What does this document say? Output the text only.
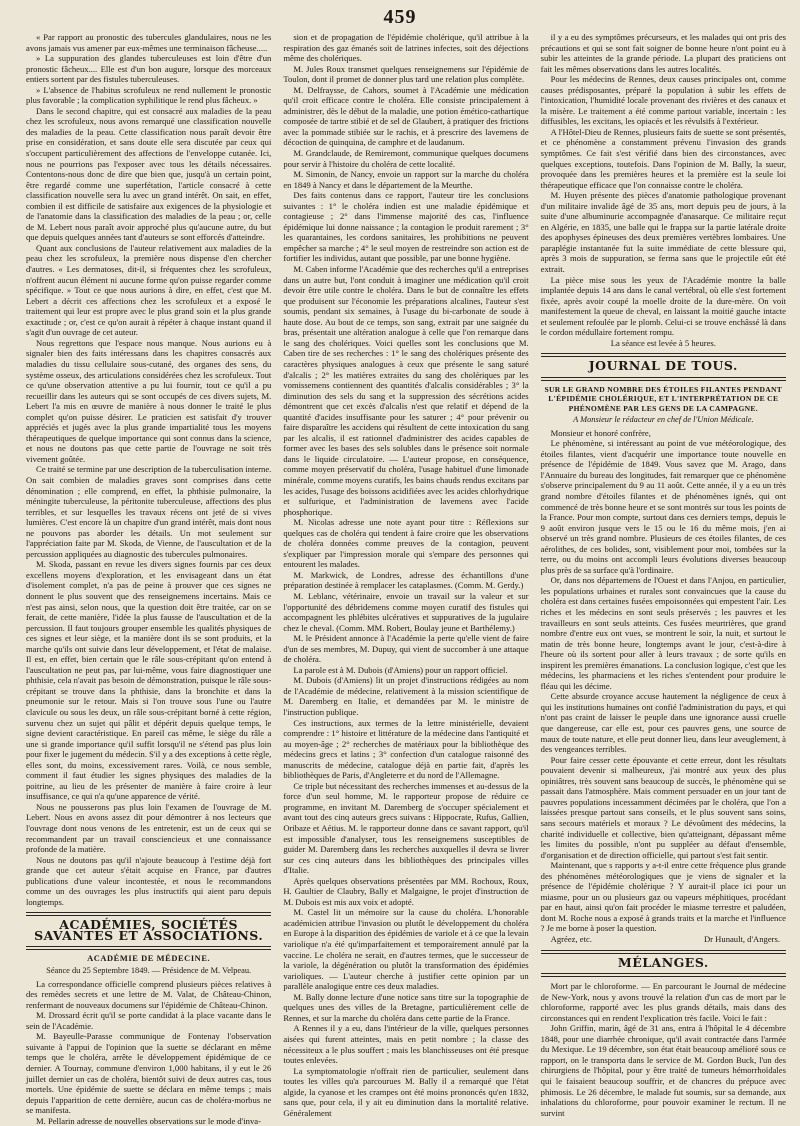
459

« Par rapport au pronostic des tubercules glandulaires, nous ne les avons jamais vus amener par eux-mêmes une terminaison fâcheuse.....

» La suppuration des glandes tuberculeuses est loin d'être d'un pronostic fâcheux.... Elle est d'un bon augure, lorsque des morceaux entiers sortent par des fistules tuberculeuses.

» L'absence de l'habitus scrofuleux ne rend nullement le pronostic plus favorable ; la complication syphilitique le rend plus fâcheux. »

Dans le second chapitre, qui est consacré aux maladies de la peau chez les scrofuleux, nous avons remarqué une classification nouvelle des maladies de la peau. Cette classification nous paraît devoir être prise en considération, et sans doute elle sera discutée par ceux qui s'occupent particulièrement des affections de l'enveloppe cutanée. Ici, nous ne pourrions pas l'exposer avec tous les détails nécessaires. Contentons-nous donc de dire que bien que, jusqu'à un certain point, être regardé comme une superfétation, l'article consacré à cette classification nouvelle sera lu avec un grand intérêt. On sait, en effet, combien il est difficile de satisfaire aux exigences de la physiologie et de l'anatomie dans la classification des maladies de la peau ; or, celle de M. Lebert nous paraît avoir approché plus qu'aucune autre, du but que depuis quelques années tant d'auteurs se sont efforcés d'atteindre.

Quant aux conclusions de l'auteur relativement aux maladies de la peau chez les scrofuleux, la première nous dispense d'en chercher d'autres. « Les dermatoses, dit-il, si fréquentes chez les scrofuleux, n'offrent aucun élément ni aucune forme qu'on puisse regarder comme spécifique. » Tout ce que nous aurions à dire, en effet, c'est que M. Lebert a décrit ces affections chez les scrofuleux et a exposé le traitement qui leur est propre avec le plus grand soin et la plus grande exactitude ; or, c'est ce qu'on aurait à répéter à chaque instant quand il s'agit d'un ouvrage de cet auteur.

Nous regrettons que l'espace nous manque. Nous aurions eu à signaler bien des faits intéressans dans les chapitres consacrés aux maladies du tissu cellulaire sous-cutané, des organes des sens, du système osseux, des articulations considérées chez les scrofuleux. Tout ce qu'une observation attentive a pu lui fournir, tout ce qu'il a pu recueillir dans les auteurs qui se sont occupés de ces divers sujets, M. Lebert l'a mis en œuvre de manière à nous donner le traité le plus complet qu'on puisse désirer. Le praticien est satisfait d'y trouver appréciés et jugés avec la plus grande impartialité tous les moyens thérapeutiques de quelque importance qui sont connus dans la science, et nous ne doutons pas que cette partie de l'ouvrage ne soit très vivement goûtée.

Ce traité se termine par une description de la tuberculisation interne. On sait combien de maladies graves sont comprises dans cette dénomination ; elle comprend, en effet, la phthisie pulmonaire, la méningite tuberculeuse, la péritonite tuberculeuse, affections des plus terribles, et sur lesquelles les travaux récens ont jeté de si vives lumières. C'est encore là un chapitre d'un grand intérêt, mais dont nous ne pouvons pas aborder les détails. Un mot seulement sur l'appréciation faite par M. Skoda, de Vienne, de l'auscultation et de la percussion appliquées au diagnostic des tubercules pulmonaires.

M. Skoda, passant en revue les divers signes fournis par ces deux excellens moyens d'exploration, et les envisageant dans un état d'isolement complet, n'a pas de peine à prouver que ces signes ne donnent le plus souvent que des renseignemens incertains. Mais ce n'est pas ainsi, selon nous, que la question doit être traitée, car on se ferait, de cette manière, l'idée la plus fausse de l'auscultation et de la percussion. Il faut toujours grouper ensemble les qualités physiques de ces signes et leur siège, et la manière dont ils se sont produits, et la marche qu'ils ont suivie dans leur développement, et l'état de malaise. Il est, en effet, bien certain que le râle sous-crépitant qu'on entend à l'auscultation ne peut pas, par lui-même, vous faire diagnostiquer une phthisie, cela n'avait pas besoin de démonstration, puisque le râle sous-crépitant se trouve dans la phthisie, dans la bronchite et dans la pneumonie sur le retour. Mais si l'on trouve sous l'une ou l'autre clavicule ou sous les deux, un râle sous-crépitant borné à cette région, survenu chez un sujet qui pâlit et dépérit depuis quelque temps, le signe devient caractéristique. En pareil cas même, le siège du râle a une si grande importance qu'il suffit lorsqu'il ne s'étend pas plus loin pour fixer le jugement du médecin. S'il y a des exceptions à cette règle, elles sont, du moins, excessivement rares. Voilà, ce nous semble, comment il faut étudier les signes physiques des maladies de la poitrine, au lieu de les présenter de manière à faire croire à leur insuffisance, ce qui n'a qu'une apparence de vérité.

Nous ne pousserons pas plus loin l'examen de l'ouvrage de M. Lebert. Nous en avons assez dit pour démontrer à nos lecteurs que l'ouvrage dont nous venons de les entretenir, est un de ceux qui se recommandent par un travail consciencieux et une connaissance profonde de la matière.

Nous ne doutons pas qu'il n'ajoute beaucoup à l'estime déjà fort grande que cet auteur s'était acquise en France, par d'autres publications d'une valeur incontestée, et nous le recommandons comme un des ouvrages les plus instructifs qui aient paru depuis longtemps.

ACADÉMIES, SOCIÉTÉS SAVANTES ET ASSOCIATIONS.
ACADÉMIE DE MÉDECINE.
Séance du 25 Septembre 1849. — Présidence de M. Velpeau.

La correspondance officielle comprend plusieurs pièces relatives à des remèdes secrets et une lettre de M. Valat, de Château-Chinon, renfermant de nouveaux documens sur l'épidémie de Château-Chinon.

M. Drossard écrit qu'il se porte candidat à la place vacante dans le sein de l'Académie.

M. Bayeulle-Parasse communique de Fontenay l'observation suivante à l'appui de l'opinion que la suette se déclarant en même temps que le choléra, arrête le développement épidémique de ce dernier. A Tournay, commune d'environ 1,000 habitans, il y eut le 26 juillet dernier un cas de choléra, bientôt suivi de deux autres cas, tous mortels. Une épidémie de suette se déclara en même temps ; mais depuis l'apparition de cette dernière, aucun cas de choléra-morbus ne se manifesta.

M. Pellarin adresse de nouvelles observations sur le mode d'inva-

sion et de propagation de l'épidémie cholérique, qu'il attribue à la respiration des gaz émanés soit de latrines infectes, soit des déjections même des cholériques.

M. Jules Roux transmet quelques renseignemens sur l'épidémie de Toulon, dont il promet de donner plus tard une relation plus complète.

M. Delfraysse, de Cahors, soumet à l'Académie une médication qu'il croit efficace contre le choléra. Elle consiste principalement à administrer, dès le début de la maladie, une potion émético-cathartique composée de tartre stibié et de sel de Glaubert, à pratiquer des frictions avec la pommade stibiée sur le rachis, et à prescrire des lavemens de décoction de quinquina, de camphre et de laudanum.

M. Grandclaude, de Remiremont, communique quelques documens pour servir à l'histoire du choléra de cette localité.

M. Simonin, de Nancy, envoie un rapport sur la marche du choléra en 1849 à Nancy et dans le département de la Meurthe.

Des faits contenus dans ce rapport, l'auteur tire les conclusions suivantes : 1° le choléra indien est une maladie épidémique et contagieuse ; 2° dans l'immense majorité des cas, l'influence épidémique lui donne naissance ; la contagion le produit rarement ; 3° les quarantaines, les cordons sanitaires, les prohibitions ne peuvent empêcher sa marche ; 4° le seul moyen de restreindre son action est de fortifier les individus, autant que possible, par une bonne hygiène.

M. Caben informe l'Académie que des recherches qu'il a entreprises dans un autre but, l'ont conduit à imaginer une médication qu'il croit devoir être utile contre le choléra. Dans le but de connaître les effets que produisent sur l'économie les préparations alcalines, l'auteur s'est soumis, pendant six semaines, à l'usage du bi-carbonate de soude à haute dose. Au bout de ce temps, son sang, extrait par une saignée du bras, présentait une altération analogue à celle que l'on remarque dans le sang des cholériques. Voici quelles sont les conclusions que M. Caben tire de ses recherches : 1° le sang des cholériques présente des caractères physiques analogues à ceux que présente le sang saturé d'alcalis ; 2° les matières extraites du sang des cholériques par les vomissemens contiennent des quantités d'alcalis considérables ; 3° la diminution des sels du sang et la suppression des sécrétions acides démontrent que cet excès d'alcalis n'est que relatif et dépend de la quantité d'acides insuffisante pour les saturer ; 4° pour prévenir ou faire disparaître les accidens qui résultent de cette intoxication du sang par les alcalis, il est rationnel d'administrer des acides capables de former avec les bases des sels solubles dans le présence soit normale dans le liquide circulatoire. — L'auteur propose, en conséquence, comme moyen préservatif du choléra, l'usage habituel d'une limonade minérale, comme moyens curatifs, les bains chauds rendus excitans par les acides, l'usage des boissons acidifiées avec les acides chlorhydrique et sulfurique, et l'administration de lavemens avec l'acide phosphorique.

M. Nicolas adresse une note ayant pour titre : Réflexions sur quelques cas de choléra qui tendent à faire croire que les observations de choléra données comme preuves de la contagion, peuvent s'expliquer par l'impression morale qui s'empare des personnes qui entourent les malades.

M. Markwick, de Londres, adresse des échantillons d'une préparation destinée à remplacer les cataplasmes. (Comm. M. Gerdy.)

M. Leblanc, vétérinaire, envoie un travail sur la valeur et sur l'opportunité des débridemens comme moyen curatif des fistules qui accompagnent les phlébites ulcératives et suppuratives de la jugulaire chez le cheval. (Comm. MM. Robert, Boulay jeune et Barthélemy.)

M. le Président annonce à l'Académie la perte qu'elle vient de faire d'un de ses membres, M. Dupuy, qui vient de succomber à une attaque de choléra.

La parole est à M. Dubois (d'Amiens) pour un rapport officiel.

M. Dubois (d'Amiens) lit un projet d'instructions rédigées au nom de l'Académie de médecine, relativement à la mission scientifique de M. Daremberg en Italie, et demandées par M. le ministre de l'instruction publique.

Ces instructions, aux termes de la lettre ministérielle, devaient comprendre : 1° histoire et littérature de la médecine dans l'antiquité et au moyen-âge ; 2° recherches de matériaux pour la bibliothèque des médecins grecs et latins ; 3° confection d'un catalogue raisonné des manuscrits de médecine, catalogue déjà en partie fait, d'après les bibliothèques de Paris, d'Angleterre et du nord de l'Allemagne.

Ce triple but nécessitant des recherches immenses et au-dessus de la force d'un seul homme, M. le rapporteur propose de réduire ce programme, en invitant M. Daremberg de s'occuper spécialement et avant tout des cinq auteurs grecs suivans : Hippocrate, Rufus, Gallien, Oribaze et Aétius. M. le rapporteur donne dans ce savant rapport, qu'il est impossible d'analyser, tous les renseignemens susceptibles de guider M. Daremberg dans les recherches auxquelles il devra se livrer sur ces cinq auteurs dans les bibliothèques des principales villes d'Italie.

Après quelques observations présentées par MM. Rochoux, Roux, H. Gaultier de Claubry, Bally et Malgaigne, le projet d'instruction de M. Dubois est mis aux voix et adopté.

M. Castel lit un mémoire sur la cause du choléra. L'honorable académicien attribue l'invasion ou plutôt le développement du choléra en Europe à la disparition des épidémies de variole et à ce que la levain variolique n'a été qu'imparfaitement et temporairement annulé par la vaccine. Le choléra ne serait, en d'autres termes, que le successeur de la variole, la dégénération ou plutôt la transformation des épidémies varioliques. — L'auteur cherche à justifier cette opinion par un parallèle analogique entre ces deux maladies.

M. Bally donne lecture d'une notice sans titre sur la topographie de quelques unes des villes de la Bretagne, particulièrement celle de Rennes, et sur la marche du choléra dans cette partie de la France.

A Rennes il y a eu, dans l'intérieur de la ville, quelques personnes aisées qui furent atteintes, mais en petit nombre ; la classe des nécessiteux a le plus souffert ; mais les blanchisseuses ont été presque toutes enlevées.

La symptomatologie n'offrait rien de particulier, seulement dans toutes les villes qu'a parcourues M. Bally il a remarqué que l'état algide, la cyanose et les crampes ont été moins prononcés qu'en 1832, sans que, pour cela, il y ait eu diminution dans la mortalité relative. Généralement

il y a eu des symptômes précurseurs, et les malades qui ont pris des précautions et qui se sont fait soigner de bonne heure n'ont point eu à subir les atteintes de la grande période. La plupart des praticiens ont fait les mêmes observations dans les autres localités.

Pour les médecins de Rennes, deux causes principales ont, comme causes prédisposantes, préparé la population à subir les effets de l'intoxication, l'humidité locale provenant des rivières et des canaux et la misère. Le traitement a été comme partout variable, incertain : les diffusibles, les excitans, les opiacés et les révulsifs à l'extérieur.

A l'Hôtel-Dieu de Rennes, plusieurs faits de suette se sont présentés, et ce phénomène a constamment prévenu l'invasion des grands symptômes. Ce fait s'est vérifié dans bien des circonstances, avec quelques exceptions, toutefois. Dans l'opinion de M. Bally, la sueur, provoquée dans les premières heures et la première est la seule loi thérapeutique efficace que l'on connaisse contre le choléra.

M. Huyen présente des pièces d'anatomie pathologique provenant d'un militaire invalide âgé de 35 ans, mort depuis peu de jours, à la suite d'une albuminurie accompagnée d'anasarque. Ce militaire reçut en Algérie, en 1835, une balle qui le frappa sur la partie latérale droite des apophyses épineuses des deux premières vertèbres lombaires. Une paraplégie instantanée fut la suite immédiate de cette blessure qui, après 3 mois de suppuration, se ferma sans que le projectile eût été extrait.

La pièce mise sous les yeux de l'Académie montre la balle implantée depuis 14 ans dans le canal vertébral, où elle s'est fortement fixée, après avoir coupé la moelle droite de la dure-mère. On voit manifestement la queue de cheval, en laissant la moitié gauche intacte et seulement refoulée par le plomb. Celui-ci se trouve enchâssé là dans le cordon médullaire fortement rompu.

La séance est levée à 5 heures.
JOURNAL DE TOUS.
SUR LE GRAND NOMBRE DES ÉTOILES FILANTES PENDANT L'ÉPIDÉMIE CHOLÉRIQUE, ET L'INTERPRÉTATION DE CE PHÉNOMÈNE PAR LES GENS DE LA CAMPAGNE.
A Monsieur le rédacteur en chef de l'Union Médicale.

Monsieur et honoré confrère,

Le phénomène, si intéressant au point de vue météorologique, des étoiles filantes, vient d'acquérir une importance toute nouvelle en présence de l'épidémie de 1849. Vous savez que M. Arago, dans l'Annuaire du bureau des longitudes, fait remarquer que ce phénomène s'observe principalement du 9 au 11 août. Cette année, il y a eu un très grand nombre d'étoiles filantes et de phénomènes ignés, qui ont commencé de très bonne heure et se sont montrés sur tous les points de la France. Pour mon compte, surtout dans ces derniers temps, depuis le 9 août environ jusque vers le 15 ou le 16 du même mois, j'en ai observé un très grand nombre. Plusieurs de ces étoiles filantes, de ces aérolithes, de ces bolides, sont, visiblement pour moi, tombées sur la terre, ou du moins ont accompli leurs évolutions diverses beaucoup plus près de sa surface qu'à l'ordinaire.

Or, dans nos départemens de l'Ouest et dans l'Anjou, en particulier, les populations urbaines et rurales sont convaincues que la cause du choléra est dans certaines fusées empoisonnées qui empestent l'air. Les riches et les médecins en sont seuls préservés ; les pauvres et les travailleurs en sont seuls atteints. Ces fusées meurtrières, que grand nombre d'entre eux ont vues, se montrent le soir, la nuit, et surtout le matin de très bonne heure, longtemps avant le jour, c'est-à-dire à l'heure où ils sortent pour aller à leurs travaux ; de sorte qu'ils en inspirent les premières émanations. La conclusion logique, c'est que les médecins, les pharmaciens et les riches s'entendent pour produire le fléau qui les décime.

Cette absurde croyance accuse hautement la négligence de ceux à qui les institutions humaines ont confié l'administration du pays, et qui n'ont pas craint de laisser le peuple dans une ignorance aussi cruelle que dangereuse, car elle est, pour ces pauvres gens, une source de maux de toute nature, et elle peut donner lieu, dans leur aveuglement, à des vengeances terribles.

Pour faire cesser cette épouvante et cette erreur, dont les résultats pouvaient devenir si malheureux, j'ai montré aux yeux des plus opiniâtres, très souvent sans beaucoup de succès, le phénomène qui se passait dans l'atmosphère. Mais comment persuader en un jour tant de pauvres populations incessamment décimées par le choléra, que l'on a laissées presque partout sans conseils, et le plus souvent sans soins, sans secours matériels et moraux ? Le dévoûment des médecins, la charité individuelle et collective, bien qu'atteignant, dépassant même les limites du possible, n'ont pu suppléer au défaut d'ensemble, d'organisation et de direction officielle, qui partout s'est fait sentir.

Maintenant, que s rapports y a-t-il entre cette fréquence plus grande des phénomènes météorologiques que je viens de signaler et la présence de l'épidémie cholérique ? Y aurait-il place ici pour un miasme, pour un ou plusieurs gaz ou vapeurs méphitiques, procédant par en haut, ainsi qu'on fait procéder le miasme terrestre et paludéen, dont M. Roche nous a exposé à grands traits et la marche et l'influence ? Je me borne à poser la question.

Agréez, etc.	Dr Hunault, d'Angers.
MÉLANGES.

Mort par le chloroforme. — En parcourant le Journal de médecine de New-York, nous y avons trouvé la relation d'un cas de mort par le chloroforme, rapporté avec les plus grands détails, mais dans des circonstances qui en rendent l'explication très facile. Voici le fait :

John Griffin, marin, âgé de 31 ans, entra à l'hôpital le 4 décembre 1848, pour une diarrhée chronique, qu'il avait contractée dans l'armée du Mexique. Le 19 décembre, son état était beaucoup amélioré sous ce rapport, on le transporta dans le service de M. Gordon Buck, l'un des chirurgiens de l'hôpital, pour y être traité de tumeurs hémorrhoïdales qui le faisaient beaucoup souffrir, et de chancres du prépuce avec phimosis. Le 26 décembre, le malade fut soumis, sur sa demande, aux inhalations du chloroforme, pour pouvoir examiner le rectum. Il ne survint
